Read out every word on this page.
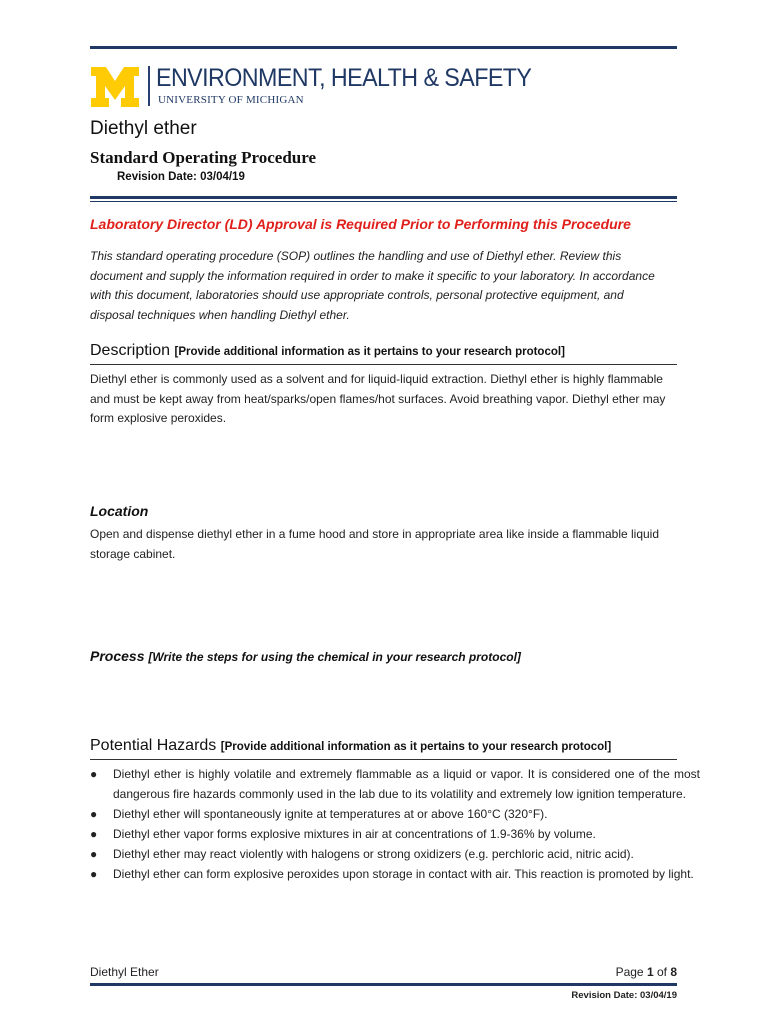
ENVIRONMENT, HEALTH & SAFETY
UNIVERSITY OF MICHIGAN
Diethyl ether
Standard Operating Procedure
Revision Date: 03/04/19
Laboratory Director (LD) Approval is Required Prior to Performing this Procedure
This standard operating procedure (SOP) outlines the handling and use of Diethyl ether. Review this document and supply the information required in order to make it specific to your laboratory. In accordance with this document, laboratories should use appropriate controls, personal protective equipment, and disposal techniques when handling Diethyl ether.
Description [Provide additional information as it pertains to your research protocol]
Diethyl ether is commonly used as a solvent and for liquid-liquid extraction. Diethyl ether is highly flammable and must be kept away from heat/sparks/open flames/hot surfaces. Avoid breathing vapor. Diethyl ether may form explosive peroxides.
Location
Open and dispense diethyl ether in a fume hood and store in appropriate area like inside a flammable liquid storage cabinet.
Process [Write the steps for using the chemical in your research protocol]
Potential Hazards [Provide additional information as it pertains to your research protocol]
● Diethyl ether is highly volatile and extremely flammable as a liquid or vapor. It is considered one of the most dangerous fire hazards commonly used in the lab due to its volatility and extremely low ignition temperature.
● Diethyl ether will spontaneously ignite at temperatures at or above 160°C (320°F).
● Diethyl ether vapor forms explosive mixtures in air at concentrations of 1.9-36% by volume.
● Diethyl ether may react violently with halogens or strong oxidizers (e.g. perchloric acid, nitric acid).
● Diethyl ether can form explosive peroxides upon storage in contact with air. This reaction is promoted by light.
Diethyl Ether	Page 1 of 8
Revision Date: 03/04/19
